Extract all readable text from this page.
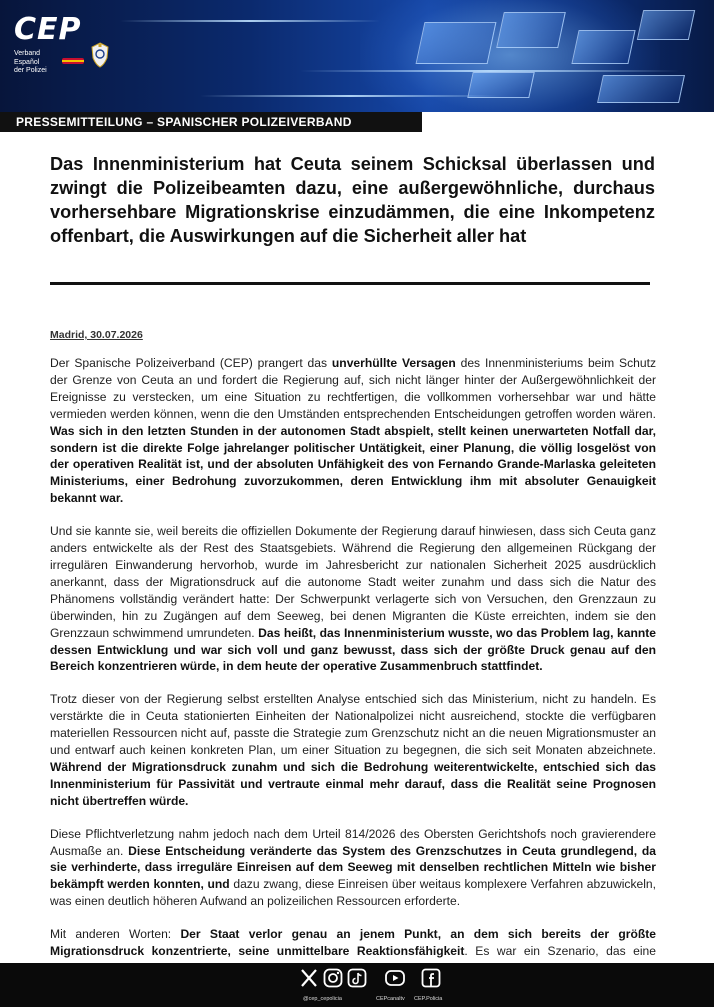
CEP
Verband
Español
der Polizei
PRESSEMITTEILUNG – SPANISCHER POLIZEIVERBAND
Das Innenministerium hat Ceuta seinem Schicksal überlassen und zwingt die Polizeibeamten dazu, eine außergewöhnliche, durchaus vorhersehbare Migrationskrise einzudämmen, die eine Inkompetenz offenbart, die Auswirkungen auf die Sicherheit aller hat
Madrid, 30.07.2026

Der Spanische Polizeiverband (CEP) prangert das unverhüllte Versagen des Innenministeriums beim Schutz der Grenze von Ceuta an und fordert die Regierung auf, sich nicht länger hinter der Außergewöhnlichkeit der Ereignisse zu verstecken, um eine Situation zu rechtfertigen, die vollkommen vorhersehbar war und hätte vermieden werden können, wenn die den Umständen entsprechenden Entscheidungen getroffen worden wären. Was sich in den letzten Stunden in der autonomen Stadt abspielt, stellt keinen unerwarteten Notfall dar, sondern ist die direkte Folge jahrelanger politischer Untätigkeit, einer Planung, die völlig losgelöst von der operativen Realität ist, und der absoluten Unfähigkeit des von Fernando Grande-Marlaska geleiteten Ministeriums, einer Bedrohung zuvorzukommen, deren Entwicklung ihm mit absoluter Genauigkeit bekannt war.

Und sie kannte sie, weil bereits die offiziellen Dokumente der Regierung darauf hinwiesen, dass sich Ceuta ganz anders entwickelte als der Rest des Staatsgebiets. Während die Regierung den allgemeinen Rückgang der irregulären Einwanderung hervorhob, wurde im Jahresbericht zur nationalen Sicherheit 2025 ausdrücklich anerkannt, dass der Migrationsdruck auf die autonome Stadt weiter zunahm und dass sich die Natur des Phänomens vollständig verändert hatte: Der Schwerpunkt verlagerte sich von Versuchen, den Grenzzaun zu überwinden, hin zu Zugängen auf dem Seeweg, bei denen Migranten die Küste erreichten, indem sie den Grenzzaun schwimmend umrundeten. Das heißt, das Innenministerium wusste, wo das Problem lag, kannte dessen Entwicklung und war sich voll und ganz bewusst, dass sich der größte Druck genau auf den Bereich konzentrieren würde, in dem heute der operative Zusammenbruch stattfindet.

Trotz dieser von der Regierung selbst erstellten Analyse entschied sich das Ministerium, nicht zu handeln. Es verstärkte die in Ceuta stationierten Einheiten der Nationalpolizei nicht ausreichend, stockte die verfügbaren materiellen Ressourcen nicht auf, passte die Strategie zum Grenzschutz nicht an die neuen Migrationsmuster an und entwarf auch keinen konkreten Plan, um einer Situation zu begegnen, die sich seit Monaten abzeichnete. Während der Migrationsdruck zunahm und sich die Bedrohung weiterentwickelte, entschied sich das Innenministerium für Passivität und vertraute einmal mehr darauf, dass die Realität seine Prognosen nicht übertreffen würde.

Diese Pflichtverletzung nahm jedoch nach dem Urteil 814/2026 des Obersten Gerichtshofs noch gravierendere Ausmaße an. Diese Entscheidung veränderte das System des Grenzschutzes in Ceuta grundlegend, da sie verhinderte, dass irreguläre Einreisen auf dem Seeweg mit denselben rechtlichen Mitteln wie bisher bekämpft werden konnten, und dazu zwang, diese Einreisen über weitaus komplexere Verfahren abzuwickeln, was einen deutlich höheren Aufwand an polizeilichen Ressourcen erforderte.

Mit anderen Worten: Der Staat verlor genau an jenem Punkt, an dem sich bereits der größte Migrationsdruck konzentrierte, seine unmittelbare Reaktionsfähigkeit. Es war ein Szenario, das eine

@cep_cepolicia	CEPcanaltv CEP.Policia
